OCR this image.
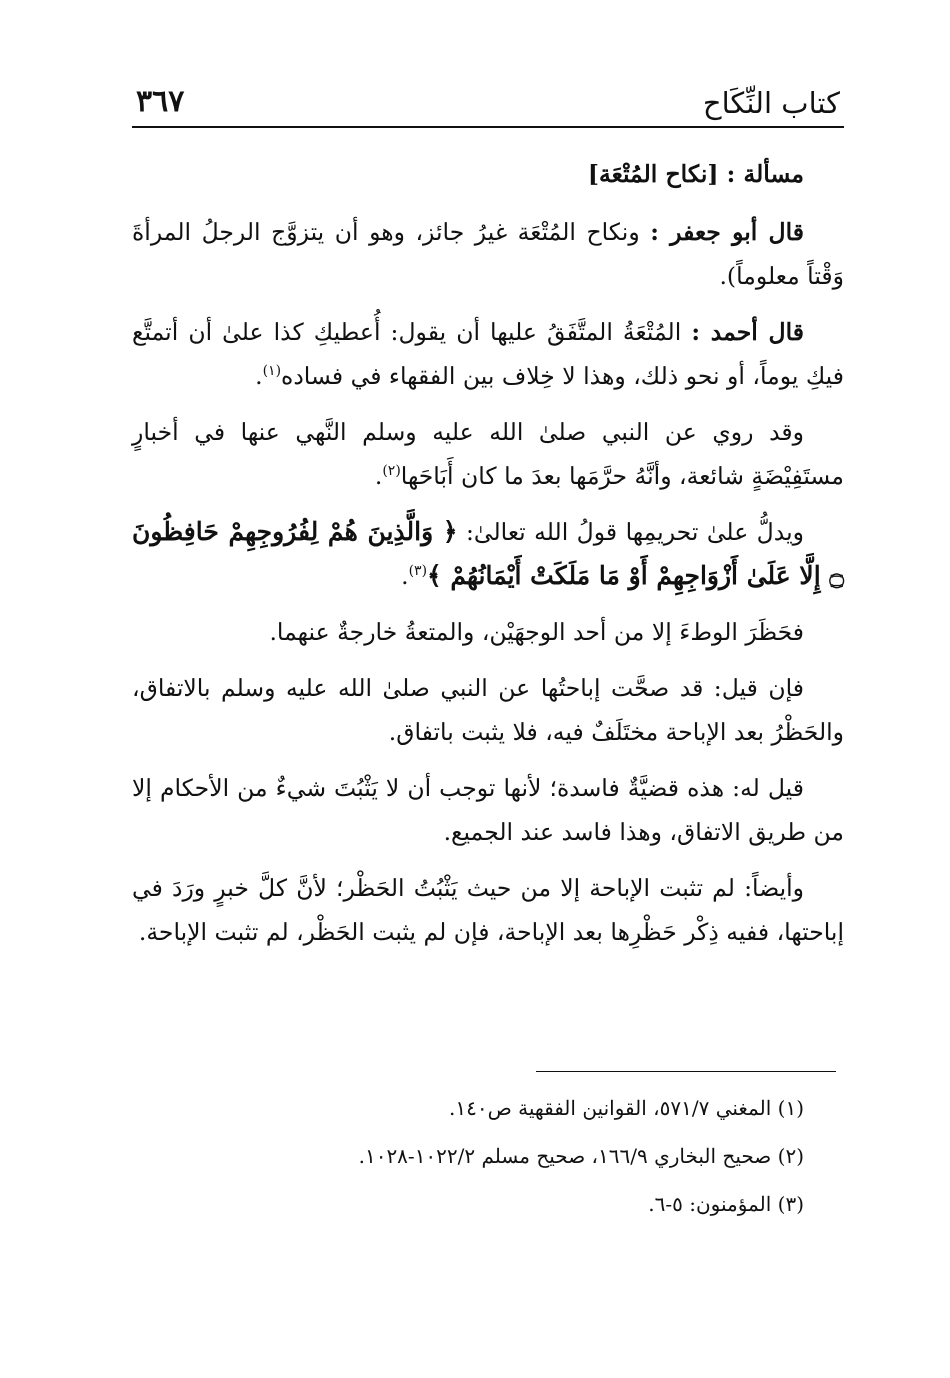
كتاب النِّكَاح
٣٦٧

مسألة : [نكاح المُتْعَة]

قال أبو جعفر : ونكاح المُتْعَة غيرُ جائز، وهو أن يتزوَّج الرجلُ المرأةَ وَقْتاً معلوماً).

قال أحمد : المُتْعَةُ المتَّفَقُ عليها أن يقول: أُعطيكِ كذا علىٰ أن أتمتَّع فيكِ يوماً، أو نحو ذلك، وهذا لا خِلاف بين الفقهاء في فساده$^{(١)}$.

وقد روي عن النبي صلىٰ الله عليه وسلم النَّهي عنها في أخبارٍ مستَفِيْضَةٍ شائعة، وأنَّهُ حرَّمَها بعدَ ما كان أَبَاحَها$^{(٢)}$.

ويدلُّ علىٰ تحريمِها قولُ الله تعالىٰ: ﴿ وَالَّذِينَ هُمْ لِفُرُوجِهِمْ حَافِظُونَ ۝ إِلَّا عَلَىٰ أَزْوَاجِهِمْ أَوْ مَا مَلَكَتْ أَيْمَانُهُمْ ﴾$^{(٣)}$.

فحَظَرَ الوطءَ إلا من أحد الوجهَيْن، والمتعةُ خارجةٌ عنهما.

فإن قيل: قد صحَّت إباحتُها عن النبي صلىٰ الله عليه وسلم بالاتفاق، والحَظْرُ بعد الإباحة مختَلَفٌ فيه، فلا يثبت باتفاق.

قيل له: هذه قضيَّةٌ فاسدة؛ لأنها توجب أن لا يَثْبُتَ شيءٌ من الأحكام إلا من طريق الاتفاق، وهذا فاسد عند الجميع.

وأيضاً: لم تثبت الإباحة إلا من حيث يَثْبُتُ الحَظْر؛ لأنَّ كلَّ خبرٍ ورَدَ في إباحتها، ففيه ذِكْر حَظْرِها بعد الإباحة، فإن لم يثبت الحَظْر، لم تثبت الإباحة.

(١) المغني ٥٧١/٧، القوانين الفقهية ص١٤٠.

(٢) صحيح البخاري ١٦٦/٩، صحيح مسلم ١٠٢٢/٢-١٠٢٨.

(٣) المؤمنون: ٥-٦.
